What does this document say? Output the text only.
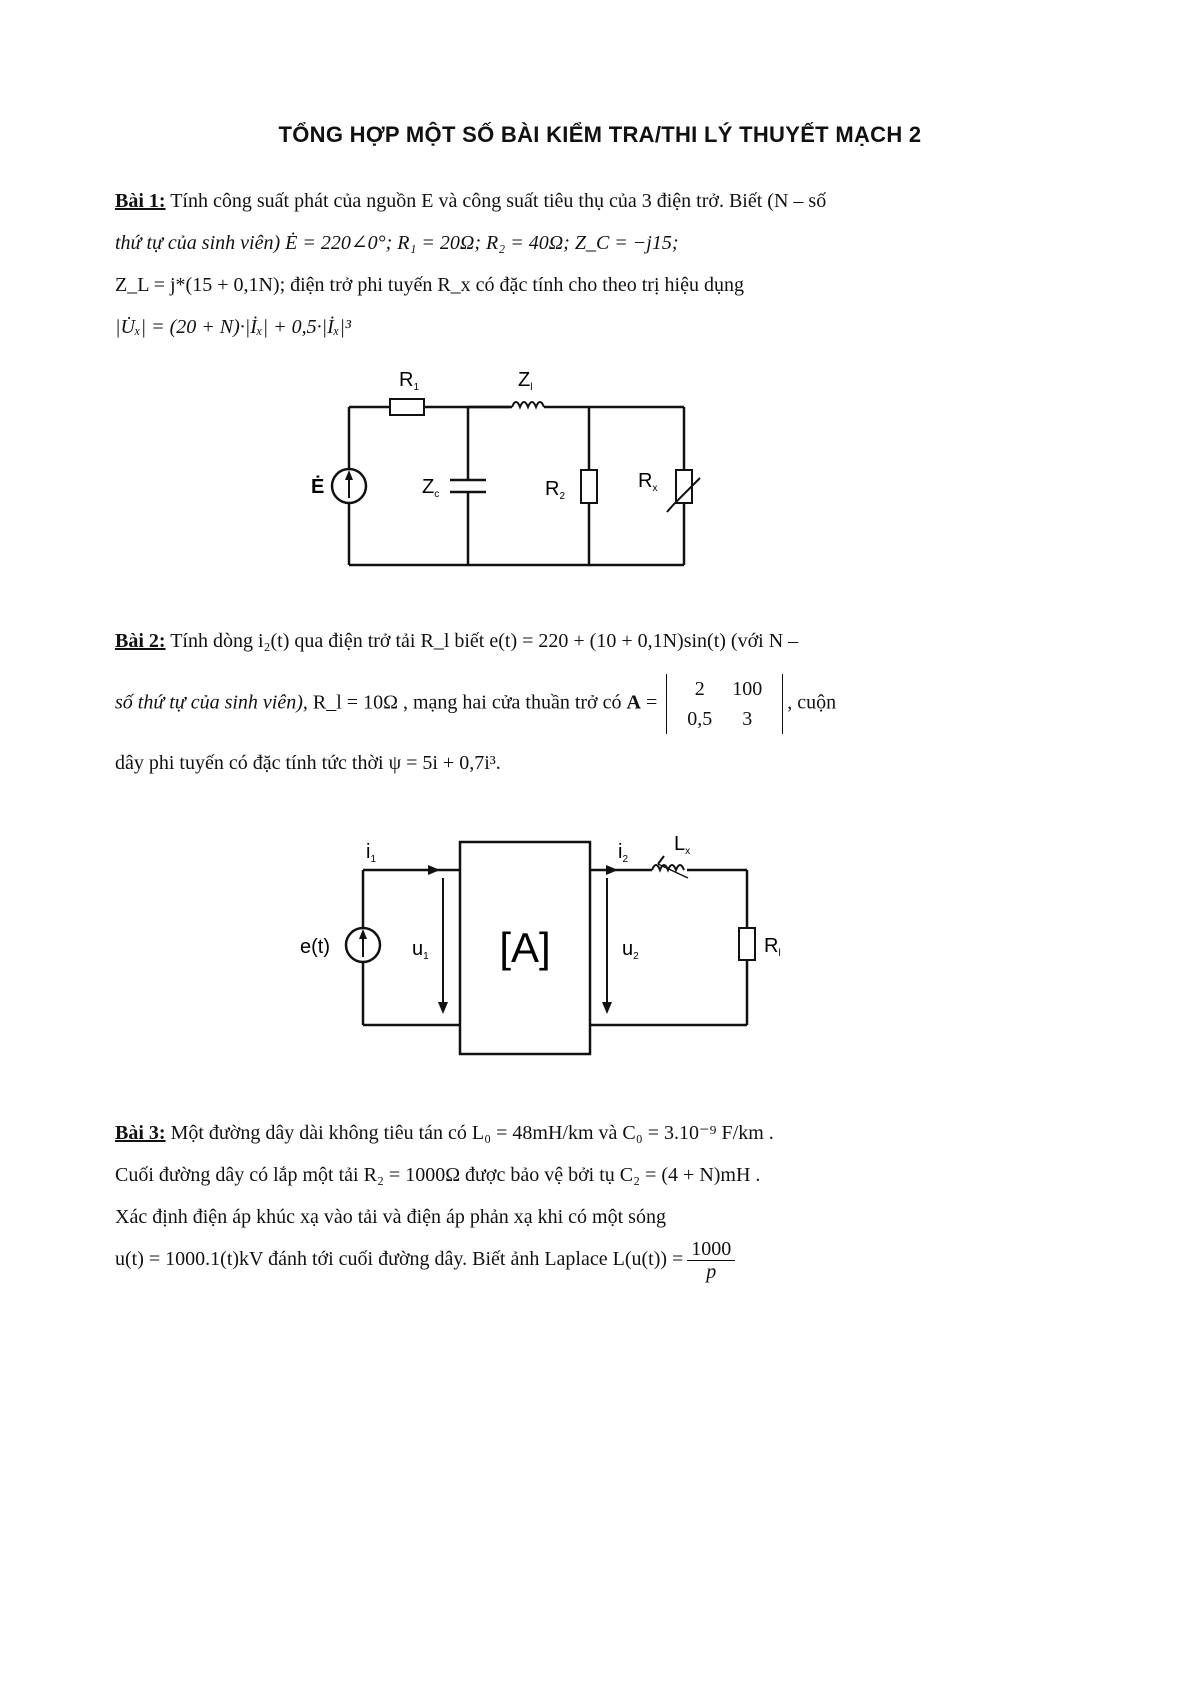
TỔNG HỢP MỘT SỐ BÀI KIỂM TRA/THI LÝ THUYẾT MẠCH 2
Bài 1: Tính công suất phát của nguồn E và công suất tiêu thụ của 3 điện trở. Biết (N – số
thứ tự của sinh viên) Ė = 220∠0°; R₁ = 20Ω; R₂ = 40Ω; Z_C = −j15;
Z_L = j*(15 + 0,1N); điện trở phi tuyến R_x có đặc tính cho theo trị hiệu dụng
|U̇ₓ| = (20 + N)·|İₓ| + 0,5·|İₓ|³
Ė
$R_1$	$Z_l$
$Z_c$	$R_2$
$R_x$
Bài 2: Tính dòng i₂(t) qua điện trở tải R_l biết e(t) = 220 + (10 + 0,1N)sin(t) (với N –
số thứ tự của sinh viên), R_l = 10Ω , mạng hai cửa thuần trở có A =
2	100
0,5	3
, cuộn
dây phi tuyến có đặc tính tức thời ψ = 5i + 0,7i³.
$i_1$	$i_2$
$L_x$
e(t)	$u_1$	$u_2$
[A]	$R_l$
Bài 3: Một đường dây dài không tiêu tán có L₀ = 48mH/km và C₀ = 3.10⁻⁹ F/km .
Cuối đường dây có lắp một tải R₂ = 1000Ω được bảo vệ bởi tụ C₂ = (4 + N)mH .
Xác định điện áp khúc xạ vào tải và điện áp phản xạ khi có một sóng
u(t) = 1000.1(t)kV đánh tới cuối đường dây. Biết ảnh Laplace $L(u(t)) = \frac{1000}{p}$
